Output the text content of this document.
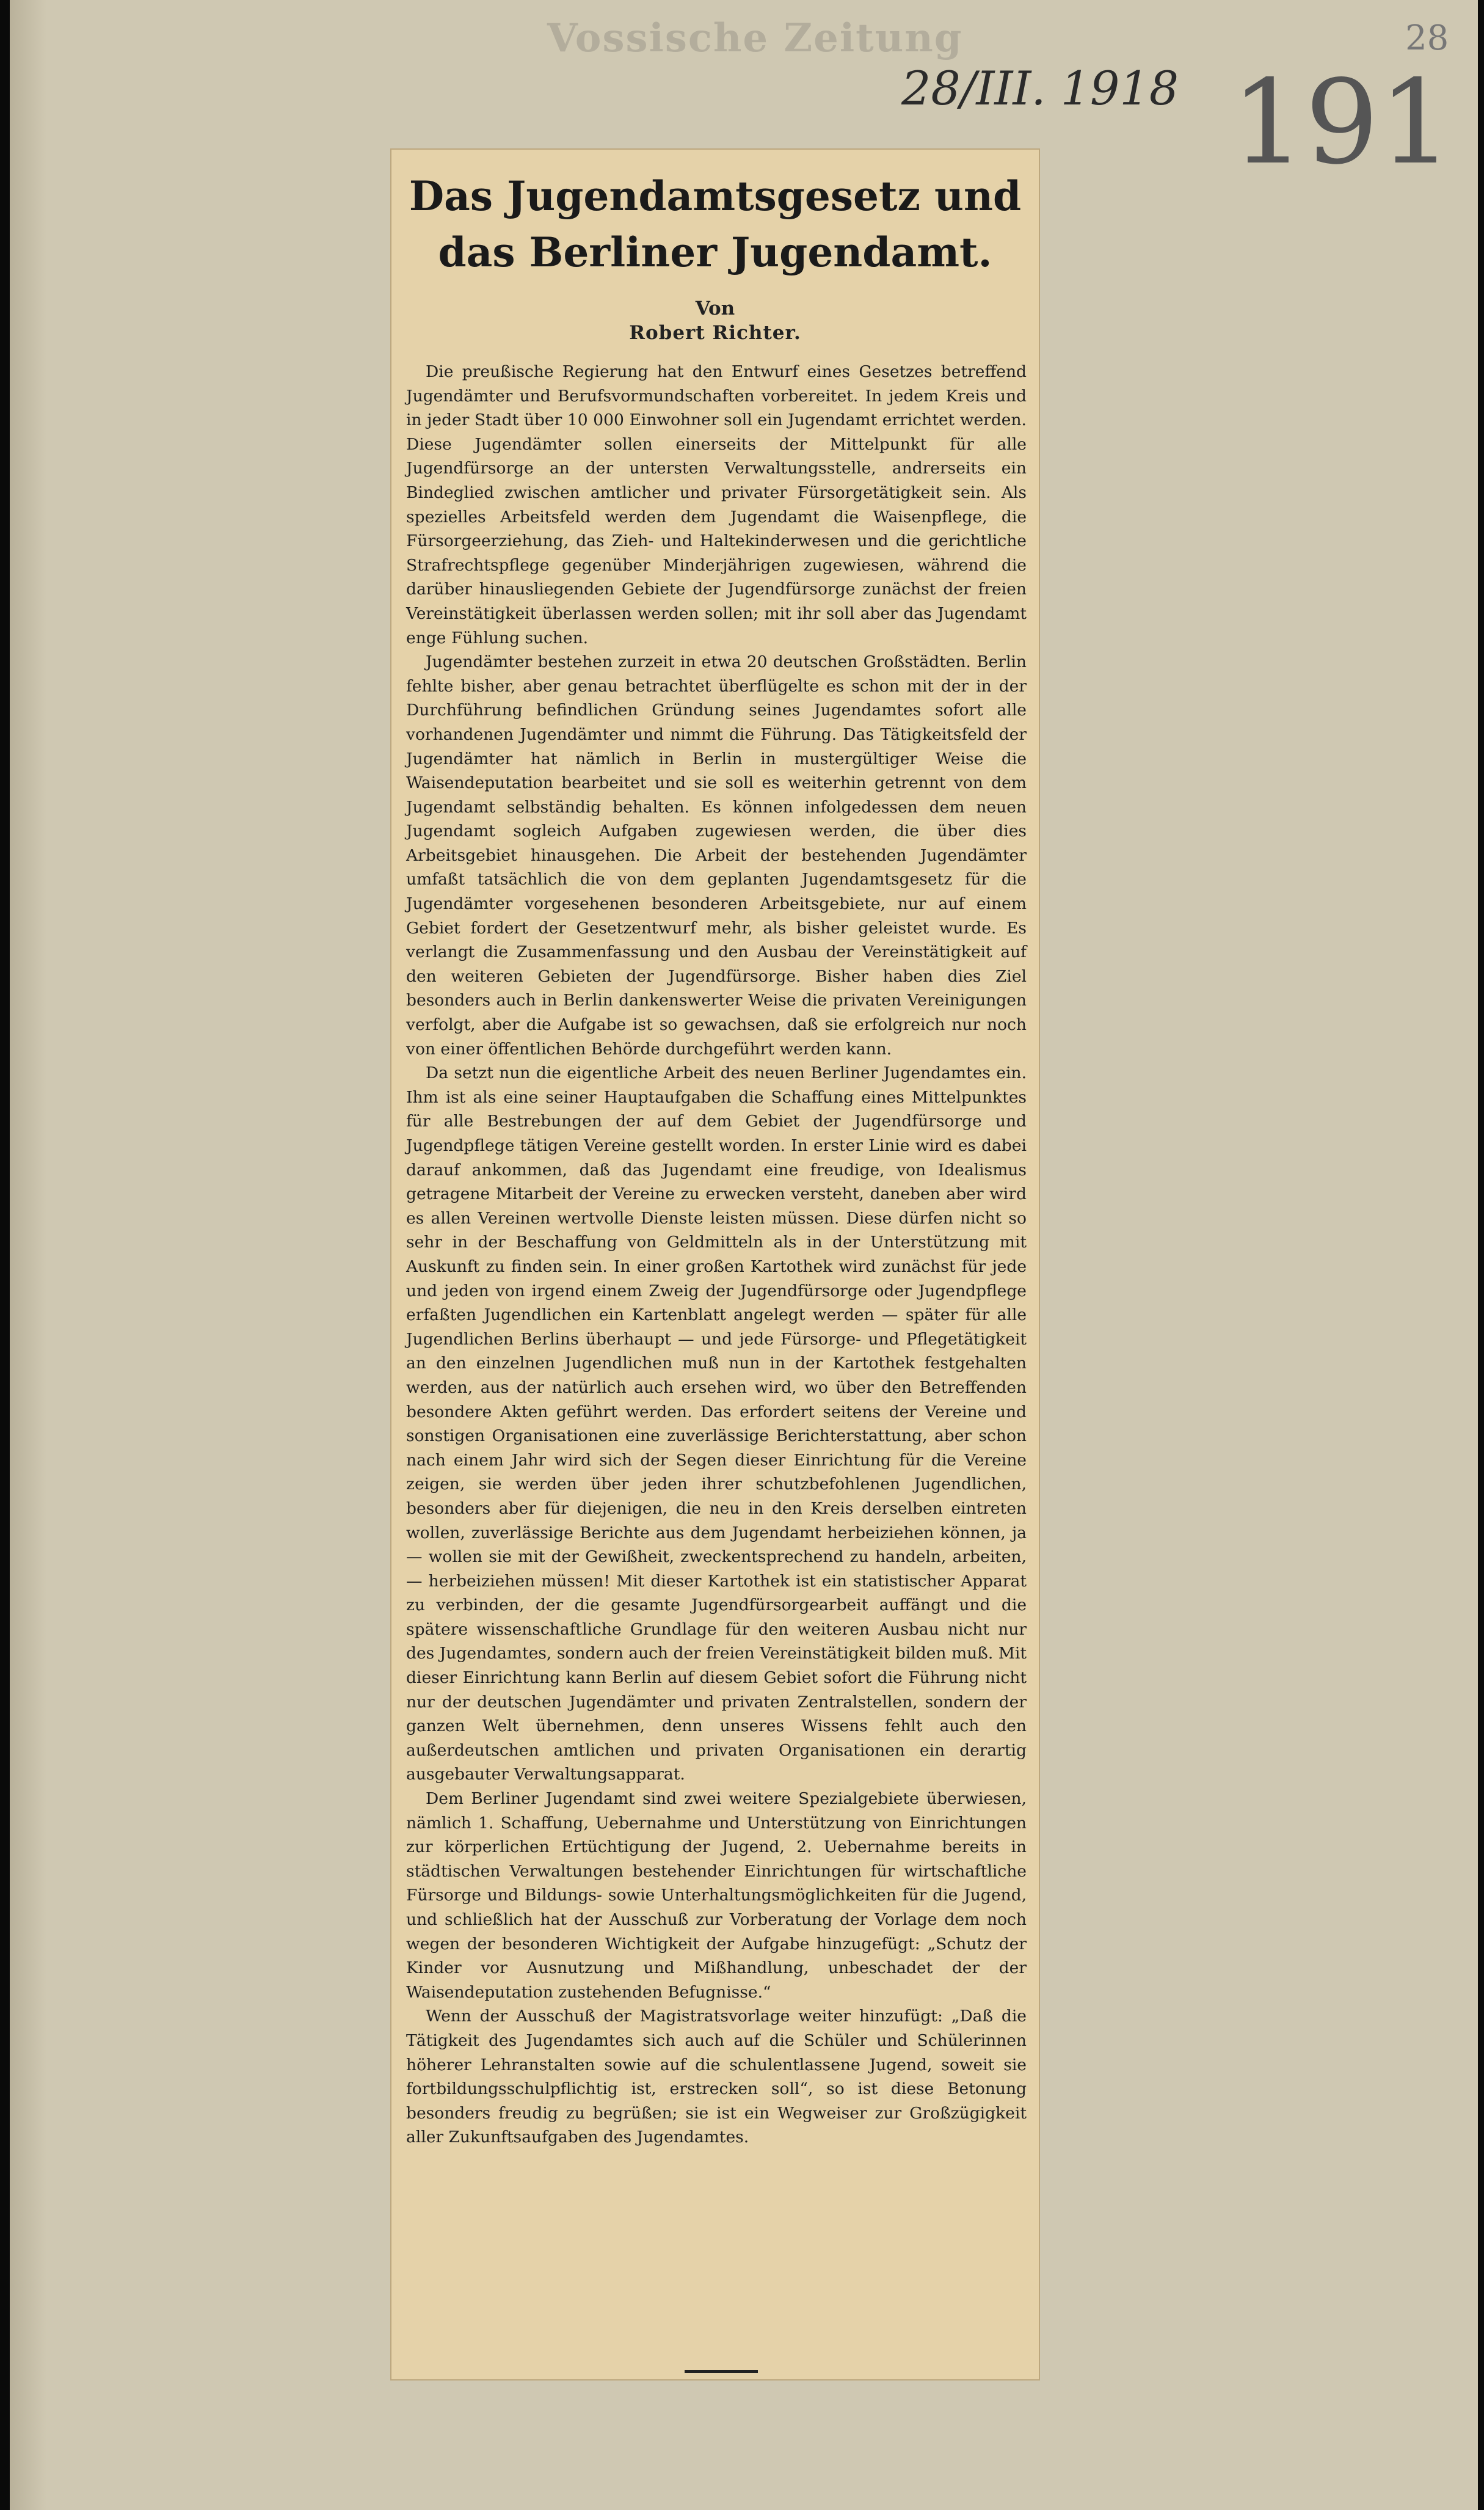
Vossische Zeitung
28/III. 1918 191
28
Das Jugendamtsgesetz und das Berliner Jugendamt.
Von
Robert Richter.

Die preußische Regierung hat den Entwurf eines Gesetzes betreffend Jugendämter und Berufsvormundschaften vorbereitet. In jedem Kreis und in jeder Stadt über 10 000 Einwohner soll ein Jugendamt errichtet werden. Diese Jugendämter sollen einerseits der Mittelpunkt für alle Jugendfürsorge an der untersten Verwaltungsstelle, andrerseits ein Bindeglied zwischen amtlicher und privater Fürsorgetätigkeit sein. Als spezielles Arbeitsfeld werden dem Jugendamt die Waisenpflege, die Fürsorgeerziehung, das Zieh- und Haltekinderwesen und die gerichtliche Strafrechtspflege gegenüber Minderjährigen zugewiesen, während die darüber hinausliegenden Gebiete der Jugendfürsorge zunächst der freien Vereinstätigkeit überlassen werden sollen; mit ihr soll aber das Jugendamt enge Fühlung suchen.

Jugendämter bestehen zurzeit in etwa 20 deutschen Großstädten. Berlin fehlte bisher, aber genau betrachtet überflügelte es schon mit der in der Durchführung befindlichen Gründung seines Jugendamtes sofort alle vorhandenen Jugendämter und nimmt die Führung. Das Tätigkeitsfeld der Jugendämter hat nämlich in Berlin in mustergültiger Weise die Waisendeputation bearbeitet und sie soll es weiterhin getrennt von dem Jugendamt selbständig behalten. Es können infolgedessen dem neuen Jugendamt sogleich Aufgaben zugewiesen werden, die über dies Arbeitsgebiet hinausgehen. Die Arbeit der bestehenden Jugendämter umfaßt tatsächlich die von dem geplanten Jugendamtsgesetz für die Jugendämter vorgesehenen besonderen Arbeitsgebiete, nur auf einem Gebiet fordert der Gesetzentwurf mehr, als bisher geleistet wurde. Es verlangt die Zusammenfassung und den Ausbau der Vereinstätigkeit auf den weiteren Gebieten der Jugendfürsorge. Bisher haben dies Ziel besonders auch in Berlin dankenswerter Weise die privaten Vereinigungen verfolgt, aber die Aufgabe ist so gewachsen, daß sie erfolgreich nur noch von einer öffentlichen Behörde durchgeführt werden kann.

Da setzt nun die eigentliche Arbeit des neuen Berliner Jugendamtes ein. Ihm ist als eine seiner Hauptaufgaben die Schaffung eines Mittelpunktes für alle Bestrebungen der auf dem Gebiet der Jugendfürsorge und Jugendpflege tätigen Vereine gestellt worden. In erster Linie wird es dabei darauf ankommen, daß das Jugendamt eine freudige, von Idealismus getragene Mitarbeit der Vereine zu erwecken versteht, daneben aber wird es allen Vereinen wertvolle Dienste leisten müssen. Diese dürfen nicht so sehr in der Beschaffung von Geldmitteln als in der Unterstützung mit Auskunft zu finden sein. In einer großen Kartothek wird zunächst für jede und jeden von irgend einem Zweig der Jugendfürsorge oder Jugendpflege erfaßten Jugendlichen ein Kartenblatt angelegt werden — später für alle Jugendlichen Berlins überhaupt — und jede Fürsorge- und Pflegetätigkeit an den einzelnen Jugendlichen muß nun in der Kartothek festgehalten werden, aus der natürlich auch ersehen wird, wo über den Betreffenden besondere Akten geführt werden. Das erfordert seitens der Vereine und sonstigen Organisationen eine zuverlässige Berichterstattung, aber schon nach einem Jahr wird sich der Segen dieser Einrichtung für die Vereine zeigen, sie werden über jeden ihrer schutzbefohlenen Jugendlichen, besonders aber für diejenigen, die neu in den Kreis derselben eintreten wollen, zuverlässige Berichte aus dem Jugendamt herbeiziehen können, ja — wollen sie mit der Gewißheit, zweckentsprechend zu handeln, arbeiten, — herbeiziehen müssen! Mit dieser Kartothek ist ein statistischer Apparat zu verbinden, der die gesamte Jugendfürsorgearbeit auffängt und die spätere wissenschaftliche Grundlage für den weiteren Ausbau nicht nur des Jugendamtes, sondern auch der freien Vereinstätigkeit bilden muß. Mit dieser Einrichtung kann Berlin auf diesem Gebiet sofort die Führung nicht nur der deutschen Jugendämter und privaten Zentralstellen, sondern der ganzen Welt übernehmen, denn unseres Wissens fehlt auch den außerdeutschen amtlichen und privaten Organisationen ein derartig ausgebauter Verwaltungsapparat.

Dem Berliner Jugendamt sind zwei weitere Spezialgebiete überwiesen, nämlich 1. Schaffung, Uebernahme und Unterstützung von Einrichtungen zur körperlichen Ertüchtigung der Jugend, 2. Uebernahme bereits in städtischen Verwaltungen bestehender Einrichtungen für wirtschaftliche Fürsorge und Bildungs- sowie Unterhaltungsmöglichkeiten für die Jugend, und schließlich hat der Ausschuß zur Vorberatung der Vorlage dem noch wegen der besonderen Wichtigkeit der Aufgabe hinzugefügt: „Schutz der Kinder vor Ausnutzung und Mißhandlung, unbeschadet der der Waisendeputation zustehenden Befugnisse.“

Wenn der Ausschuß der Magistratsvorlage weiter hinzufügt: „Daß die Tätigkeit des Jugendamtes sich auch auf die Schüler und Schülerinnen höherer Lehranstalten sowie auf die schulentlassene Jugend, soweit sie fortbildungsschulpflichtig ist, erstrecken soll“, so ist diese Betonung besonders freudig zu begrüßen; sie ist ein Wegweiser zur Großzügigkeit aller Zukunftsaufgaben des Jugendamtes.
